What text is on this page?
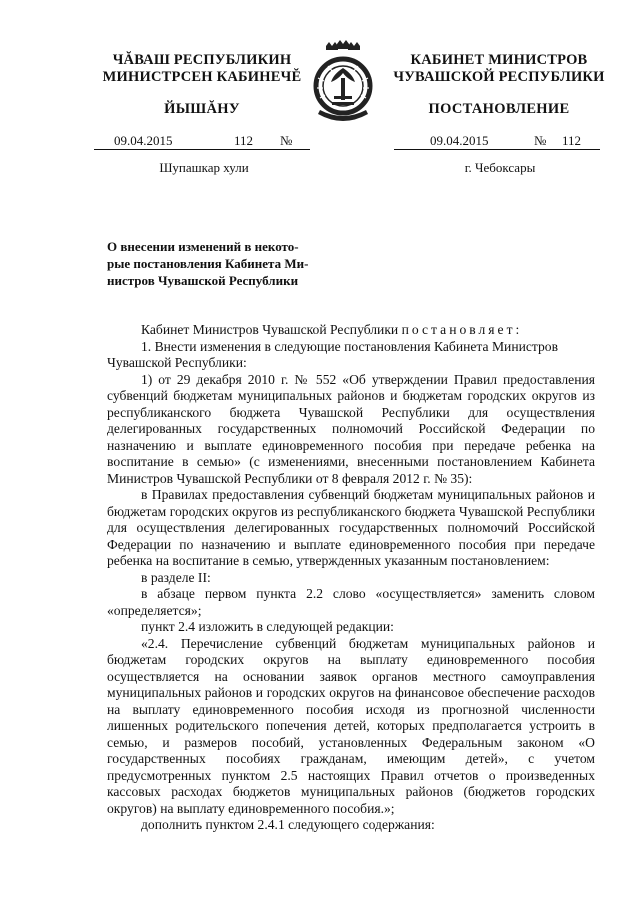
ЧĂВАШ РЕСПУБЛИКИН
МИНИСТРСЕН КАБИНЕЧĔ
ЙЫШĂНУ
КАБИНЕТ МИНИСТРОВ
ЧУВАШСКОЙ РЕСПУБЛИКИ
ПОСТАНОВЛЕНИЕ
09.04.2015	112 №	09.04.2015	№ 112
Шупашкар хули	г. Чебоксары
О внесении изменений в некото-
рые постановления Кабинета Ми-
нистров Чувашской Республики

Кабинет Министров Чувашской Республики постановляет:

1. Внести изменения в следующие постановления Кабинета Министров

Чувашской Республики:

1) от 29 декабря 2010 г. № 552 «Об утверждении Правил предоставления субвенций бюджетам муниципальных районов и бюджетам городских округов из республиканского бюджета Чувашской Республики для осуществления делегированных государственных полномочий Российской Федерации по назначению и выплате единовременного пособия при передаче ребенка на воспитание в семью» (с изменениями, внесенными постановлением Кабинета Министров Чувашской Республики от 8 февраля 2012 г. № 35):

в Правилах предоставления субвенций бюджетам муниципальных районов и бюджетам городских округов из республиканского бюджета Чувашской Республики для осуществления делегированных государственных полномочий Российской Федерации по назначению и выплате единовременного пособия при передаче ребенка на воспитание в семью, утвержденных указанным постановлением:

в разделе II:

в абзаце первом пункта 2.2 слово «осуществляется» заменить словом «определяется»;

пункт 2.4 изложить в следующей редакции:

«2.4. Перечисление субвенций бюджетам муниципальных районов и бюджетам городских округов на выплату единовременного пособия осуществляется на основании заявок органов местного самоуправления муниципальных районов и городских округов на финансовое обеспечение расходов на выплату единовременного пособия исходя из прогнозной численности лишенных родительского попечения детей, которых предполагается устроить в семью, и размеров пособий, установленных Федеральным законом «О государственных пособиях гражданам, имеющим детей», с учетом предусмотренных пунктом 2.5 настоящих Правил отчетов о произведенных кассовых расходах бюджетов муниципальных районов (бюджетов городских округов) на выплату единовременного пособия.»;

дополнить пунктом 2.4.1 следующего содержания:
